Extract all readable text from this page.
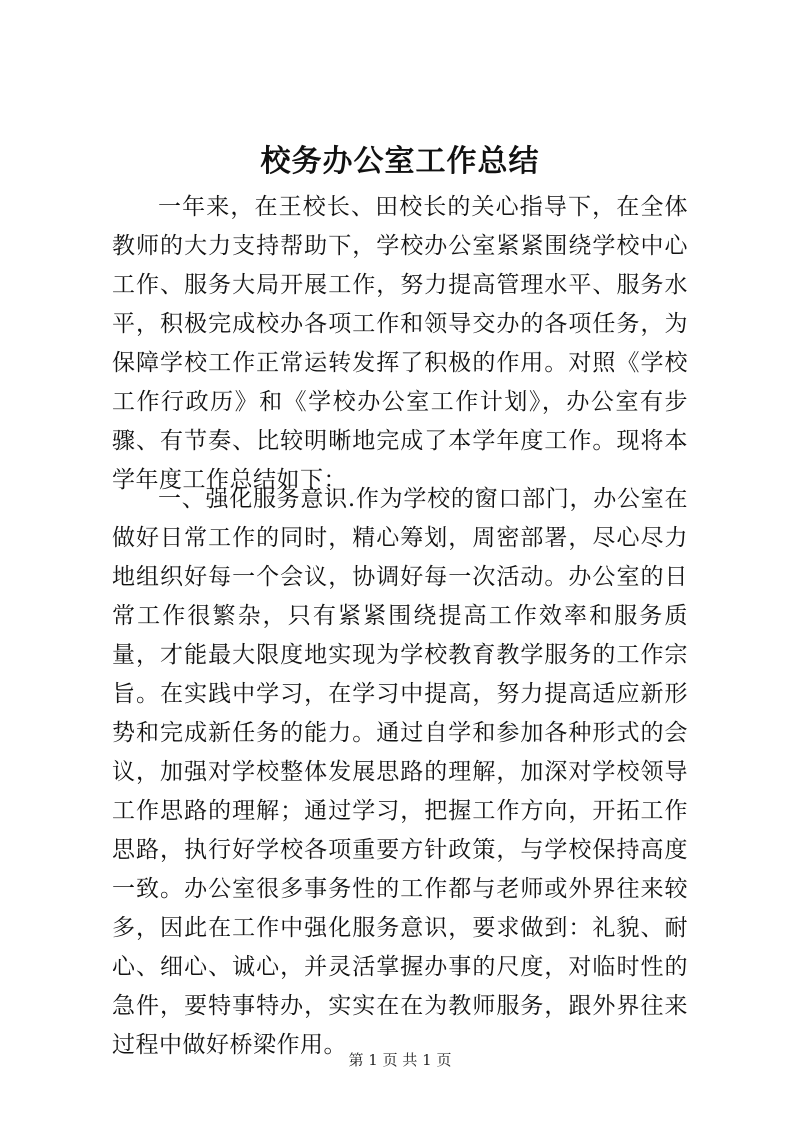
校务办公室工作总结

一年来，在王校长、田校长的关心指导下，在全体教师的大力支持帮助下，学校办公室紧紧围绕学校中心工作、服务大局开展工作，努力提高管理水平、服务水平，积极完成校办各项工作和领导交办的各项任务，为保障学校工作正常运转发挥了积极的作用。对照《学校工作行政历》和《学校办公室工作计划》，办公室有步骤、有节奏、比较明晰地完成了本学年度工作。现将本学年度工作总结如下：

一、强化服务意识.作为学校的窗口部门，办公室在做好日常工作的同时，精心筹划，周密部署，尽心尽力地组织好每一个会议，协调好每一次活动。办公室的日常工作很繁杂，只有紧紧围绕提高工作效率和服务质量，才能最大限度地实现为学校教育教学服务的工作宗旨。在实践中学习，在学习中提高，努力提高适应新形势和完成新任务的能力。通过自学和参加各种形式的会议，加强对学校整体发展思路的理解，加深对学校领导工作思路的理解；通过学习，把握工作方向，开拓工作思路，执行好学校各项重要方针政策，与学校保持高度一致。办公室很多事务性的工作都与老师或外界往来较多，因此在工作中强化服务意识，要求做到：礼貌、耐心、细心、诚心，并灵活掌握办事的尺度，对临时性的急件，要特事特办，实实在在为教师服务，跟外界往来过程中做好桥梁作用。

第 1 页 共 1 页
